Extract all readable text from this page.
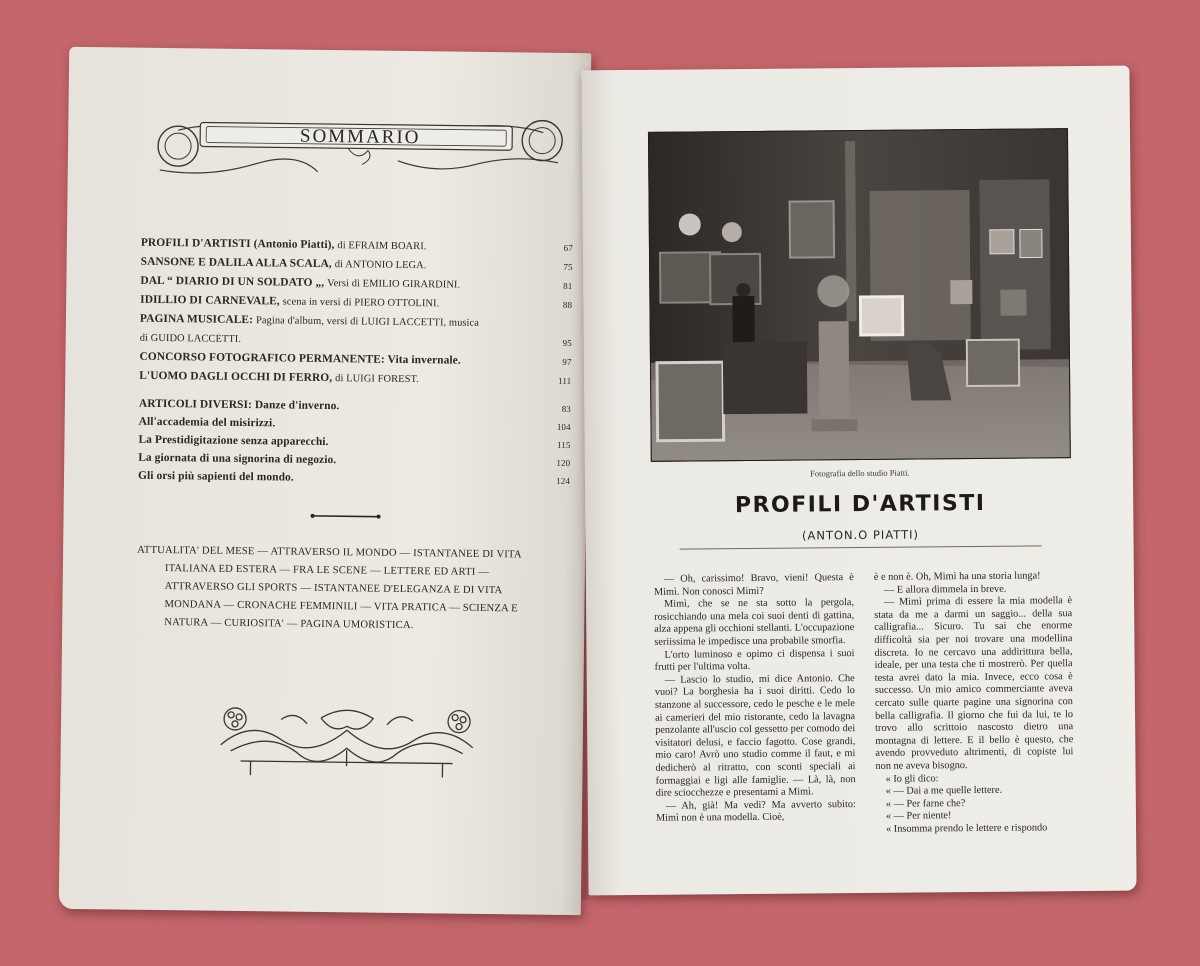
SOMMARIO
PROFILI D'ARTISTI (Antonio Piatti), di EFRAIM BOARI.	67
SANSONE E DALILA ALLA SCALA, di ANTONIO LEGA.	75
DAL “ DIARIO DI UN SOLDATO „, Versi di EMILIO GIRARDINI.	81
IDILLIO DI CARNEVALE, scena in versi di PIERO OTTOLINI.	88
PAGINA MUSICALE: Pagina d'album, versi di LUIGI LACCETTI, musica
di GUIDO LACCETTI.	95
CONCORSO FOTOGRAFICO PERMANENTE: Vita invernale.	97
L'UOMO DAGLI OCCHI DI FERRO, di LUIGI FOREST.	111
ARTICOLI DIVERSI: Danze d'inverno.	83
All'accademia del misirizzi.	104
La Prestidigitazione senza apparecchi.	115
La giornata di una signorina di negozio.	120
Gli orsi più sapienti del mondo.	124
ATTUALITA' DEL MESE — ATTRAVERSO IL MONDO — ISTANTANEE DI VITA
ITALIANA ED ESTERA — FRA LE SCENE — LETTERE ED ARTI —
ATTRAVERSO GLI SPORTS — ISTANTANEE D'ELEGANZA E DI VITA
MONDANA — CRONACHE FEMMINILI — VITA PRATICA — SCIENZA E
NATURA — CURIOSITA' — PAGINA UMORISTICA.
Fotografia dello studio Piatti.
PROFILI D'ARTISTI
(ANTON.O PIATTI)

— Oh, carissimo! Bravo, vieni! Questa è Mimì. Non conosci Mimì?

Mimì, che se ne sta sotto la pergola, rosicchiando una mela coi suoi denti di gattina, alza appena gli occhioni stellanti. L'occupazione seriissima le impedisce una probabile smorfia.

L'orto luminoso e opimo ci dispensa i suoi frutti per l'ultima volta.

— Lascio lo studio, mi dice Antonio. Che vuoi? La borghesia ha i suoi diritti. Cedo lo stanzone al successore, cedo le pesche e le mele ai camerieri del mio ristorante, cedo la lavagna penzolante all'uscio col gessetto per comodo dei visitatori delusi, e faccio fagotto. Cose grandi, mio caro! Avrò uno studio comme il faut, e mi dedicherò al ritratto, con sconti speciali ai formaggiai e ligi alle famiglie. — Là, là, non dire sciocchezze e presentami a Mimì.

— Ah, già! Ma vedi? Ma avverto subito: Mimì non è una modella. Cioè,

è e non è. Oh, Mimì ha una storia lunga!

— E allora dimmela in breve.

— Mimì prima di essere la mia modella è stata da me a darmi un saggio... della sua calligrafia... Sicuro. Tu sai che enorme difficoltà sia per noi trovare una modellina discreta. Io ne cercavo una addirittura bella, ideale, per una testa che ti mostrerò. Per quella testa avrei dato la mia. Invece, ecco cosa è successo. Un mio amico commerciante aveva cercato sulle quarte pagine una signorina con bella calligrafia. Il giorno che fui da lui, te lo trovo allo scrittoio nascosto dietro una montagna di lettere. E il bello è questo, che avendo provveduto altrimenti, di copiste lui non ne aveva bisogno.

« Io gli dico:

« — Dai a me quelle lettere.

« — Per farne che?

« — Per niente!

« Insomma prendo le lettere e rispondo
